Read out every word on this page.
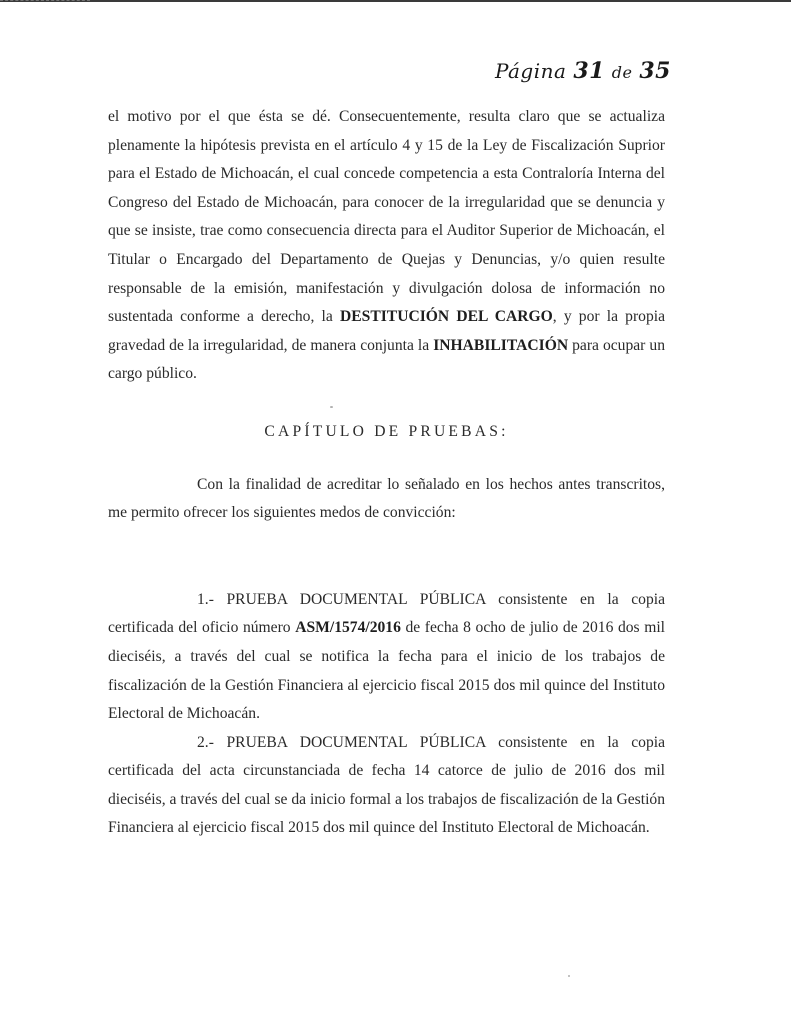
Página 31 de 35

el motivo por el que ésta se dé. Consecuentemente, resulta claro que se actualiza plenamente la hipótesis prevista en el artículo 4 y 15 de la Ley de Fiscalización Suprior para el Estado de Michoacán, el cual concede competencia a esta Contraloría Interna del Congreso del Estado de Michoacán, para conocer de la irregularidad que se denuncia y que se insiste, trae como consecuencia directa para el Auditor Superior de Michoacán, el Titular o Encargado del Departamento de Quejas y Denuncias, y/o quien resulte responsable de la emisión, manifestación y divulgación dolosa de información no sustentada conforme a derecho, la DESTITUCIÓN DEL CARGO, y por la propia gravedad de la irregularidad, de manera conjunta la INHABILITACIÓN para ocupar un cargo público.

CAPÍTULO DE PRUEBAS:

Con la finalidad de acreditar lo señalado en los hechos antes transcritos, me permito ofrecer los siguientes medos de convicción:

1.- PRUEBA DOCUMENTAL PÚBLICA consistente en la copia certificada del oficio número ASM/1574/2016 de fecha 8 ocho de julio de 2016 dos mil dieciséis, a través del cual se notifica la fecha para el inicio de los trabajos de fiscalización de la Gestión Financiera al ejercicio fiscal 2015 dos mil quince del Instituto Electoral de Michoacán.

2.- PRUEBA DOCUMENTAL PÚBLICA consistente en la copia certificada del acta circunstanciada de fecha 14 catorce de julio de 2016 dos mil dieciséis, a través del cual se da inicio formal a los trabajos de fiscalización de la Gestión Financiera al ejercicio fiscal 2015 dos mil quince del Instituto Electoral de Michoacán.
